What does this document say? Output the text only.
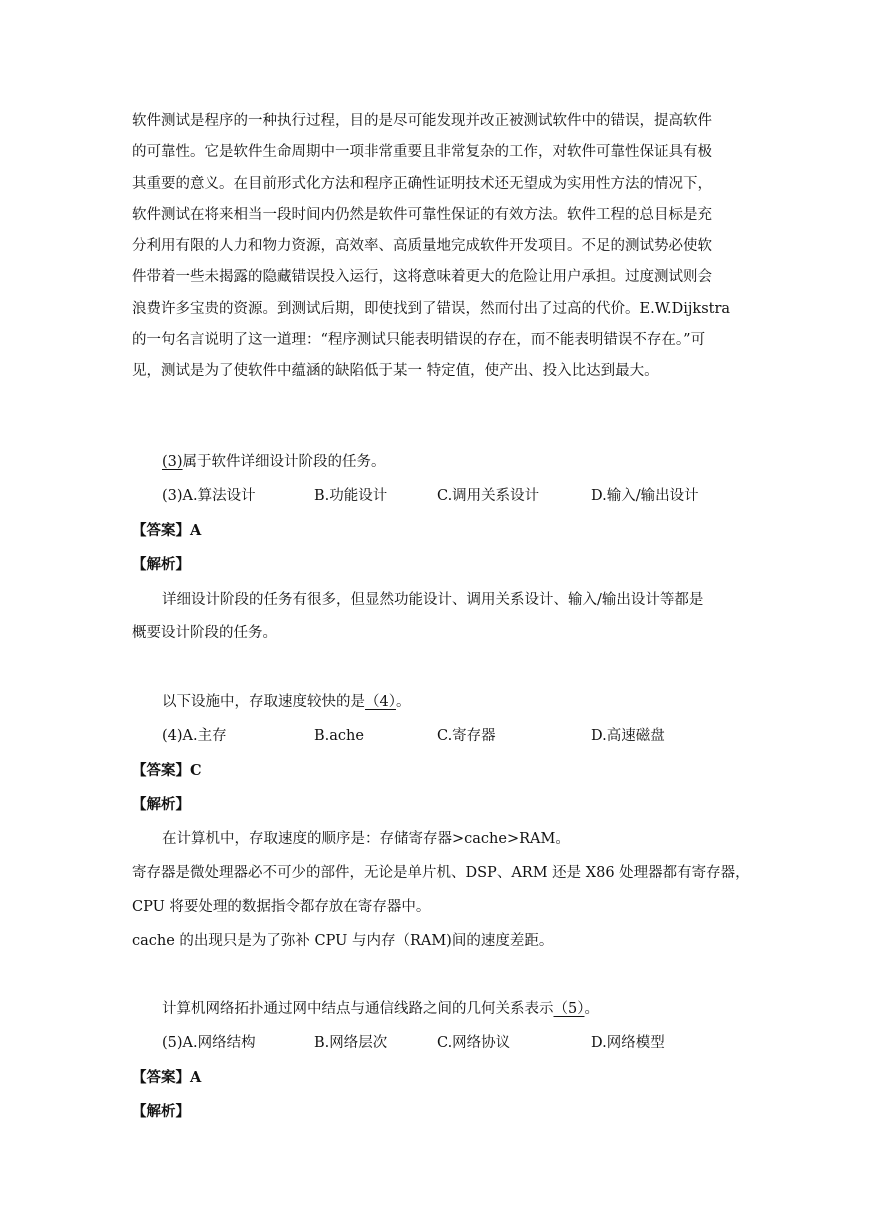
软件测试是程序的一种执行过程，目的是尽可能发现并改正被测试软件中的错误，提高软件

的可靠性。它是软件生命周期中一项非常重要且非常复杂的工作，对软件可靠性保证具有极

其重要的意义。在目前形式化方法和程序正确性证明技术还无望成为实用性方法的情况下，

软件测试在将来相当一段时间内仍然是软件可靠性保证的有效方法。软件工程的总目标是充

分利用有限的人力和物力资源，高效率、高质量地完成软件开发项目。不足的测试势必使软

件带着一些未揭露的隐藏错误投入运行，这将意味着更大的危险让用户承担。过度测试则会

浪费许多宝贵的资源。到测试后期，即使找到了错误，然而付出了过高的代价。E.W.Dijkstra

的一句名言说明了这一道理：“程序测试只能表明错误的存在，而不能表明错误不存在。”可

见，测试是为了使软件中蕴涵的缺陷低于某一 特定值，使产出、投入比达到最大。

(3)属于软件详细设计阶段的任务。
(3)A.算法设计	B.功能设计	C.调用关系设计	D.输入/输出设计
【答案】A
【解析】
详细设计阶段的任务有很多，但显然功能设计、调用关系设计、输入/输出设计等都是
概要设计阶段的任务。
以下设施中，存取速度较快的是（4）。
(4)A.主存	B.ache	C.寄存器	D.高速磁盘
【答案】C
【解析】
在计算机中，存取速度的顺序是：存储寄存器>cache>RAM。
寄存器是微处理器必不可少的部件，无论是单片机、DSP、ARM 还是 X86 处理器都有寄存器，
CPU 将要处理的数据指令都存放在寄存器中。
cache 的出现只是为了弥补 CPU 与内存（RAM)间的速度差距。
计算机网络拓扑通过网中结点与通信线路之间的几何关系表示（5）。
(5)A.网络结构	B.网络层次	C.网络协议	D.网络模型
【答案】A
【解析】
